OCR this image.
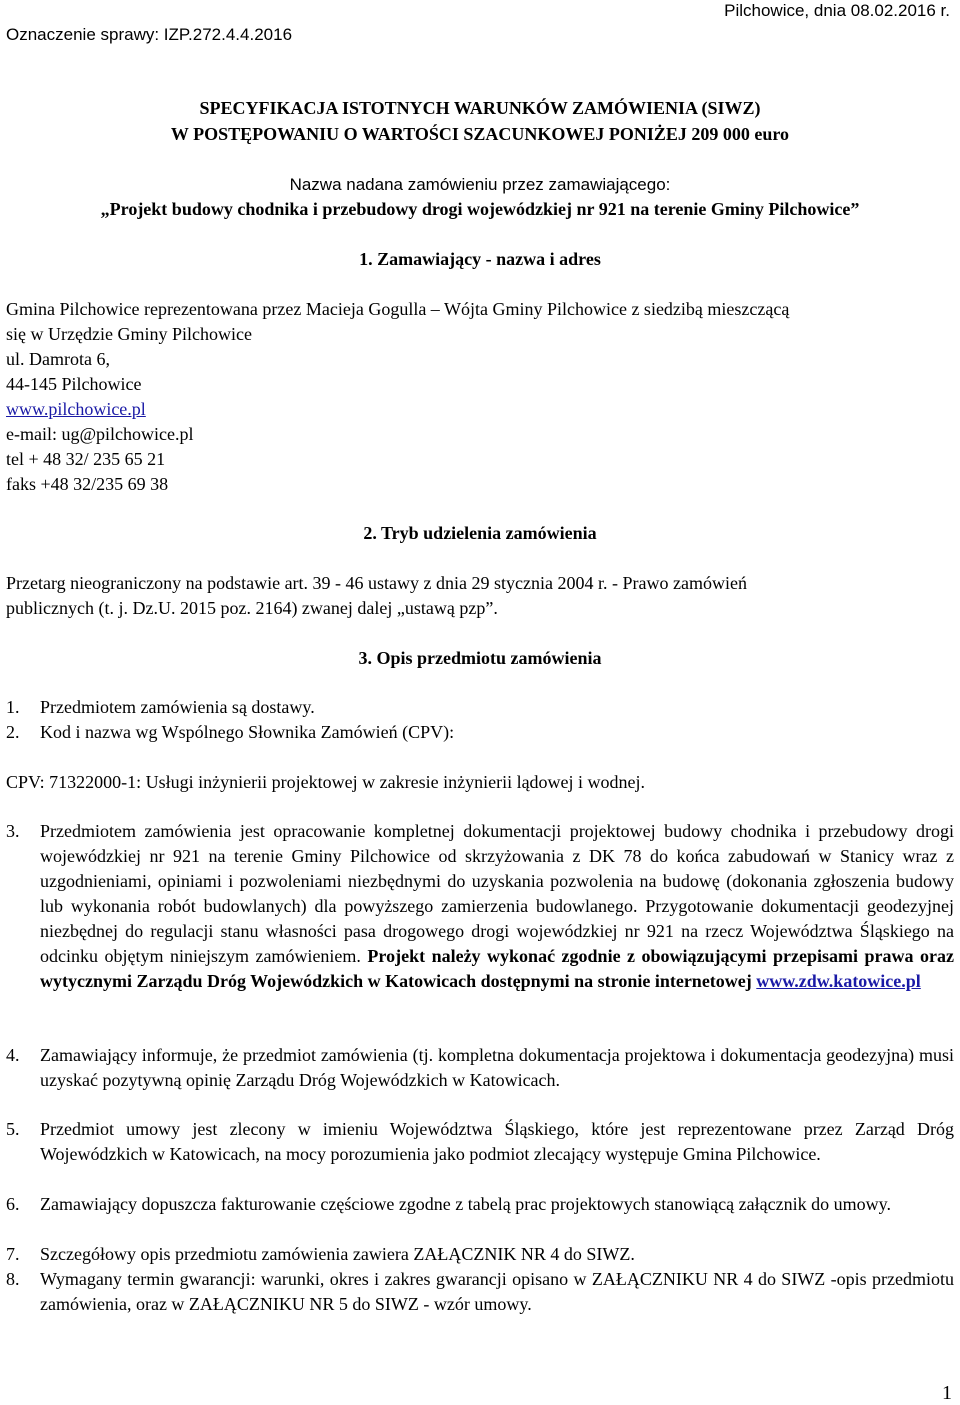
Oznaczenie sprawy: IZP.272.4.4.2016
Pilchowice, dnia 08.02.2016 r.
SPECYFIKACJA ISTOTNYCH WARUNKÓW ZAMÓWIENIA (SIWZ)
W POSTĘPOWANIU O WARTOŚCI SZACUNKOWEJ PONIŻEJ 209 000 euro
Nazwa nadana zamówieniu przez zamawiającego:
„Projekt budowy chodnika i przebudowy drogi wojewódzkiej nr 921 na terenie Gminy Pilchowice”
1. Zamawiający - nazwa i adres
Gmina Pilchowice reprezentowana przez Macieja Gogulla – Wójta Gminy Pilchowice z siedzibą mieszczącą
się w Urzędzie Gminy Pilchowice
ul. Damrota 6,
44-145 Pilchowice
www.pilchowice.pl
e-mail: ug@pilchowice.pl
tel + 48 32/ 235 65 21
faks +48 32/235 69 38
2. Tryb udzielenia zamówienia
Przetarg nieograniczony na podstawie art. 39 - 46 ustawy z dnia 29 stycznia 2004 r. - Prawo zamówień
publicznych (t. j. Dz.U. 2015 poz. 2164) zwanej dalej „ustawą pzp”.
3. Opis przedmiotu zamówienia
1. Przedmiotem zamówienia są dostawy.
2. Kod i nazwa wg Wspólnego Słownika Zamówień (CPV):
CPV: 71322000-1: Usługi inżynierii projektowej w zakresie inżynierii lądowej i wodnej.
3. Przedmiotem zamówienia jest opracowanie kompletnej dokumentacji projektowej budowy chodnika i przebudowy drogi wojewódzkiej nr 921 na terenie Gminy Pilchowice od skrzyżowania z DK 78 do końca zabudowań w Stanicy wraz z uzgodnieniami, opiniami i pozwoleniami niezbędnymi do uzyskania pozwolenia na budowę (dokonania zgłoszenia budowy lub wykonania robót budowlanych) dla powyższego zamierzenia budowlanego. Przygotowanie dokumentacji geodezyjnej niezbędnej do regulacji stanu własności pasa drogowego drogi wojewódzkiej nr 921 na rzecz Województwa Śląskiego na odcinku objętym niniejszym zamówieniem. Projekt należy wykonać zgodnie z obowiązującymi przepisami prawa oraz wytycznymi Zarządu Dróg Wojewódzkich w Katowicach dostępnymi na stronie internetowej www.zdw.katowice.pl
4. Zamawiający informuje, że przedmiot zamówienia (tj. kompletna dokumentacja projektowa i dokumentacja geodezyjna) musi uzyskać pozytywną opinię Zarządu Dróg Wojewódzkich w Katowicach.
5. Przedmiot umowy jest zlecony w imieniu Województwa Śląskiego, które jest reprezentowane przez Zarząd Dróg Wojewódzkich w Katowicach, na mocy porozumienia jako podmiot zlecający występuje Gmina Pilchowice.
6. Zamawiający dopuszcza fakturowanie częściowe zgodne z tabelą prac projektowych stanowiącą załącznik do umowy.
7. Szczegółowy opis przedmiotu zamówienia zawiera ZAŁĄCZNIK NR 4 do SIWZ.
8. Wymagany termin gwarancji: warunki, okres i zakres gwarancji opisano w ZAŁĄCZNIKU NR 4 do SIWZ -opis przedmiotu zamówienia, oraz w ZAŁĄCZNIKU NR 5 do SIWZ - wzór umowy.
1
